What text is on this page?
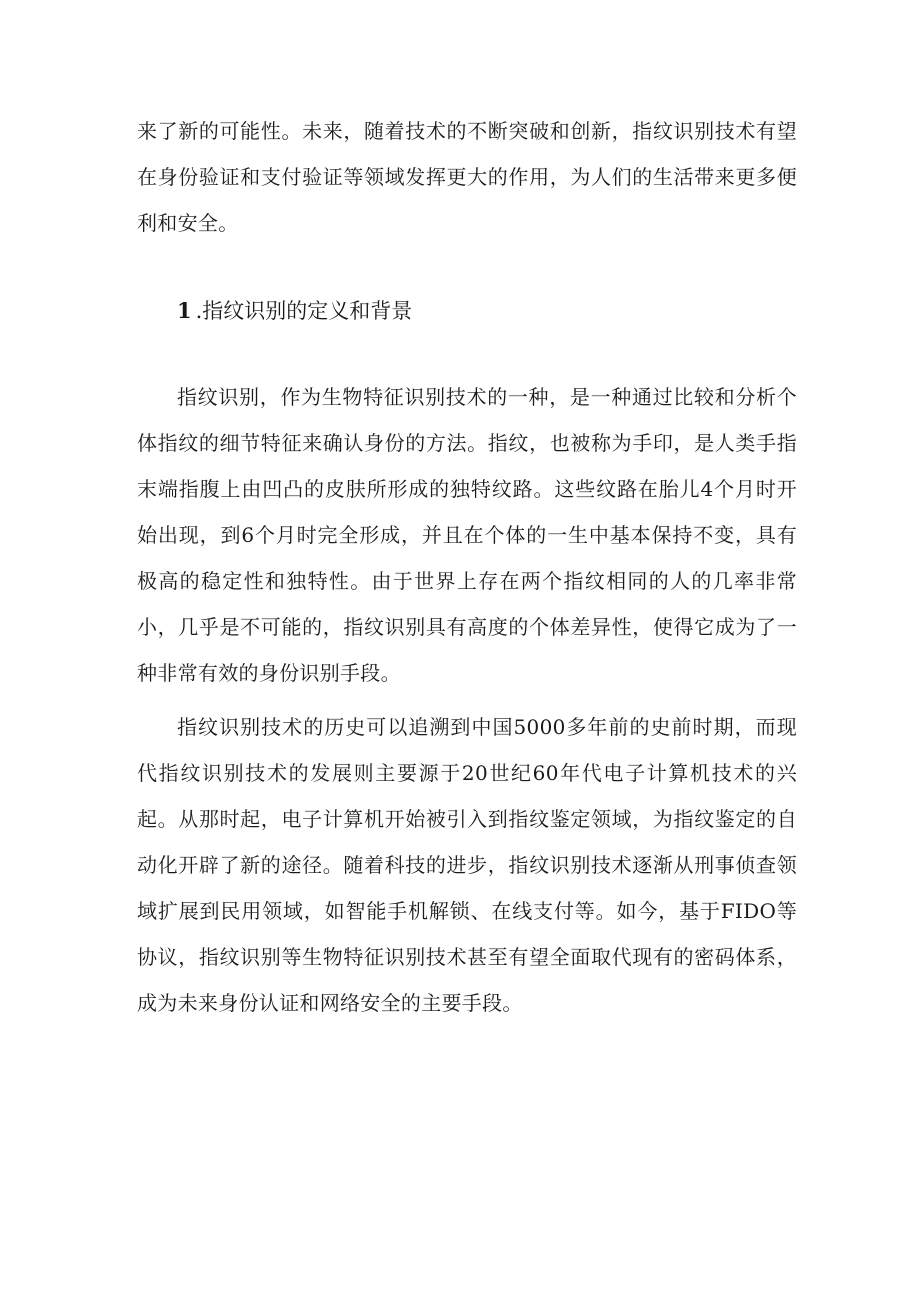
来了新的可能性。未来，随着技术的不断突破和创新，指纹识别技术有望在身份验证和支付验证等领域发挥更大的作用，为人们的生活带来更多便利和安全。

1 .指纹识别的定义和背景

指纹识别，作为生物特征识别技术的一种，是一种通过比较和分析个体指纹的细节特征来确认身份的方法。指纹，也被称为手印，是人类手指末端指腹上由凹凸的皮肤所形成的独特纹路。这些纹路在胎儿4个月时开始出现，到6个月时完全形成，并且在个体的一生中基本保持不变，具有极高的稳定性和独特性。由于世界上存在两个指纹相同的人的几率非常小，几乎是不可能的，指纹识别具有高度的个体差异性，使得它成为了一种非常有效的身份识别手段。

指纹识别技术的历史可以追溯到中国5000多年前的史前时期，而现代指纹识别技术的发展则主要源于20世纪60年代电子计算机技术的兴起。从那时起，电子计算机开始被引入到指纹鉴定领域，为指纹鉴定的自动化开辟了新的途径。随着科技的进步，指纹识别技术逐渐从刑事侦查领域扩展到民用领域，如智能手机解锁、在线支付等。如今，基于FIDO等协议，指纹识别等生物特征识别技术甚至有望全面取代现有的密码体系，成为未来身份认证和网络安全的主要手段。
